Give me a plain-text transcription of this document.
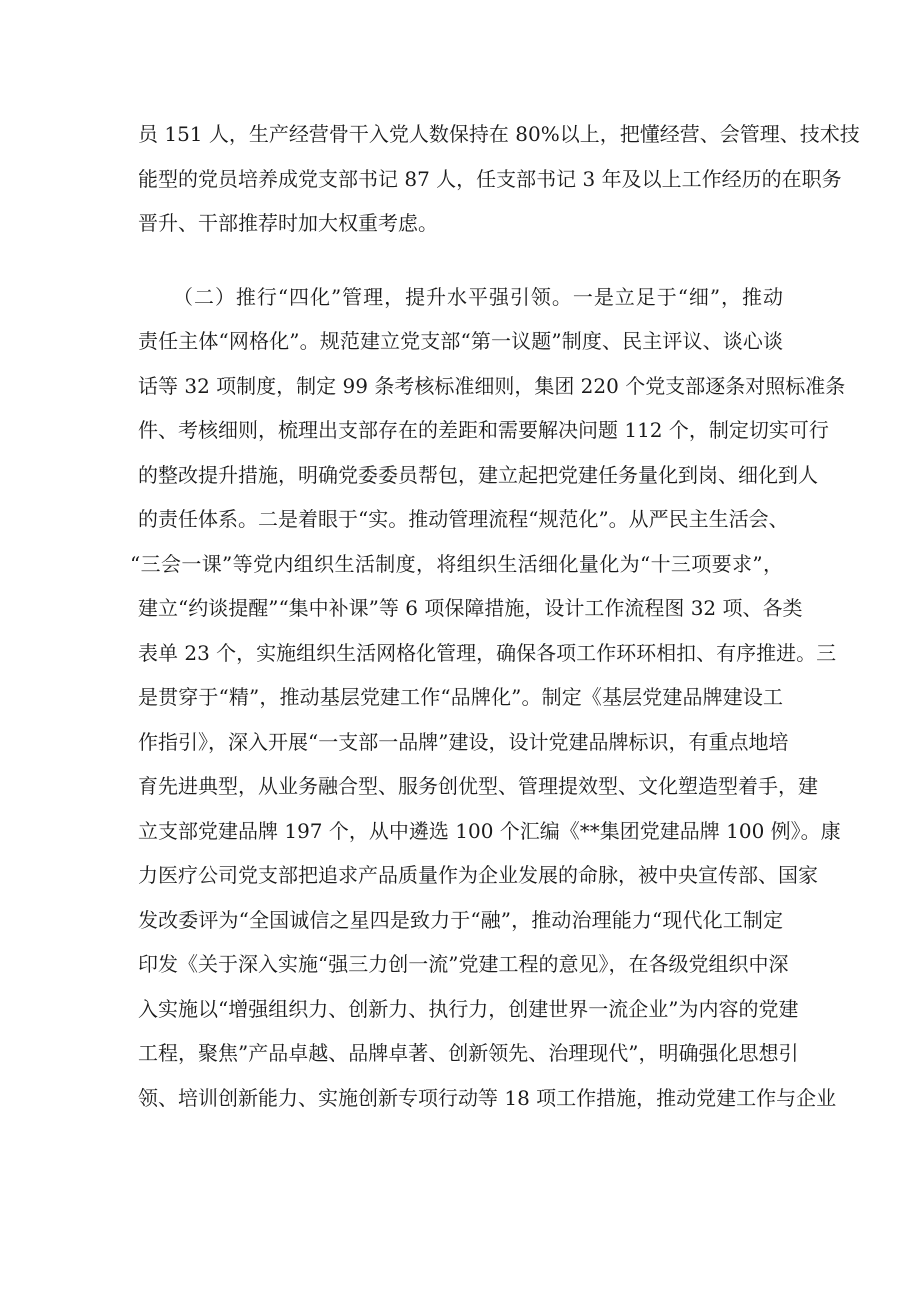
员 151 人，生产经营骨干入党人数保持在 80%以上，把懂经营、会管理、技术技
能型的党员培养成党支部书记 87 人，任支部书记 3 年及以上工作经历的在职务
晋升、干部推荐时加大权重考虑。
（二）推行“四化”管理，提升水平强引领。一是立足于“细”，推动
责任主体“网格化”。规范建立党支部“第一议题”制度、民主评议、谈心谈
话等 32 项制度，制定 99 条考核标准细则，集团 220 个党支部逐条对照标准条
件、考核细则，梳理出支部存在的差距和需要解决问题 112 个，制定切实可行
的整改提升措施，明确党委委员帮包，建立起把党建任务量化到岗、细化到人
的责任体系。二是着眼于“实。推动管理流程“规范化”。从严民主生活会、
“三会一课”等党内组织生活制度，将组织生活细化量化为“十三项要求”，
建立“约谈提醒”“集中补课”等 6 项保障措施，设计工作流程图 32 项、各类
表单 23 个，实施组织生活网格化管理，确保各项工作环环相扣、有序推进。三
是贯穿于“精”，推动基层党建工作“品牌化”。制定《基层党建品牌建设工
作指引》，深入开展“一支部一品牌”建设，设计党建品牌标识，有重点地培
育先进典型，从业务融合型、服务创优型、管理提效型、文化塑造型着手，建
立支部党建品牌 197 个，从中遴选 100 个汇编《**集团党建品牌 100 例》。康
力医疗公司党支部把追求产品质量作为企业发展的命脉，被中央宣传部、国家
发改委评为“全国诚信之星四是致力于“融”，推动治理能力“现代化工制定
印发《关于深入实施“强三力创一流”党建工程的意见》，在各级党组织中深
入实施以“增强组织力、创新力、执行力，创建世界一流企业”为内容的党建
工程，聚焦”产品卓越、品牌卓著、创新领先、治理现代”，明确强化思想引
领、培训创新能力、实施创新专项行动等 18 项工作措施，推动党建工作与企业
